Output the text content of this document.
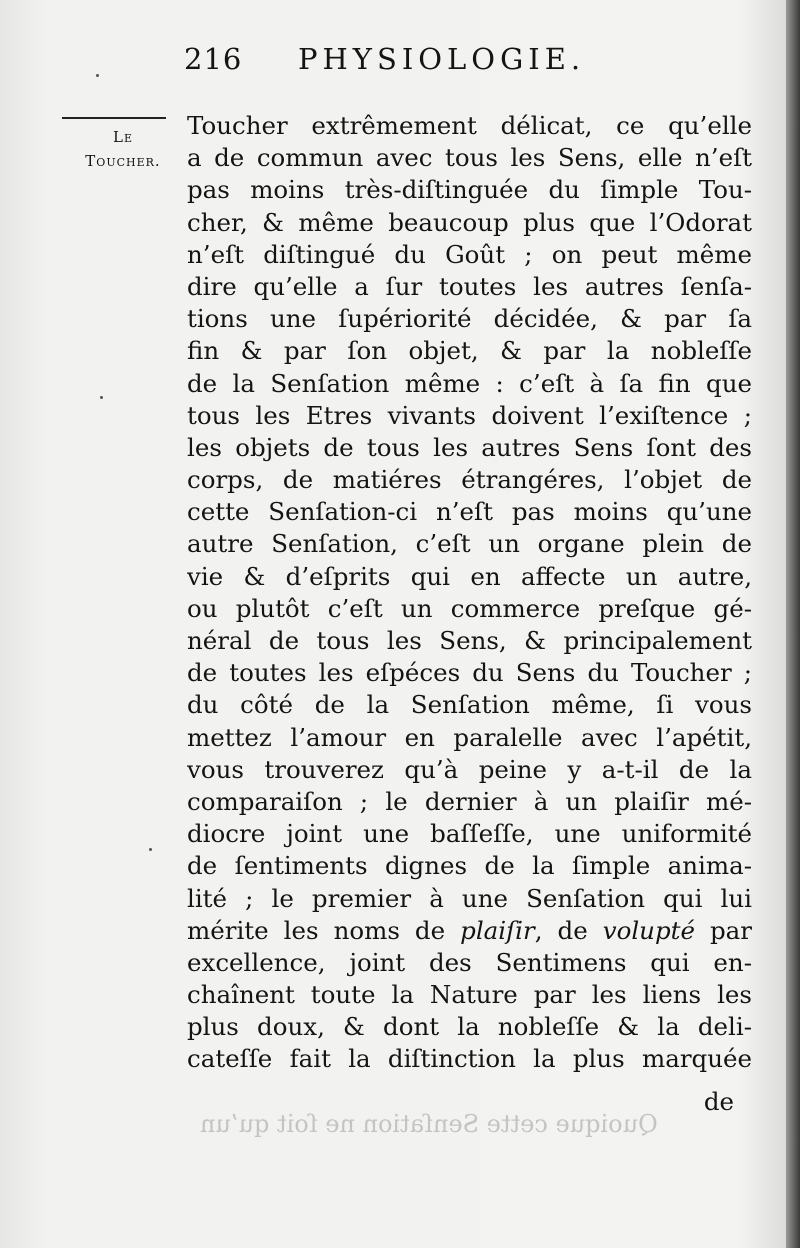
216 PHYSIOLOGIE.
Le
Toucher.
Toucher extrêmement délicat, ce qu’elle
a de commun avec tous les Sens, elle n’eſt
pas moins très-diſtinguée du ſimple Tou-
cher, & même beaucoup plus que l’Odorat
n’eſt diſtingué du Goût ; on peut même
dire qu’elle a ſur toutes les autres ſenſa-
tions une ſupériorité décidée, & par ſa
fin & par ſon objet, & par la nobleſſe
de la Senſation même : c’eſt à ſa fin que
tous les Etres vivants doivent l’exiſtence ;
les objets de tous les autres Sens ſont des
corps, de matiéres étrangéres, l’objet de
cette Senſation-ci n’eſt pas moins qu’une
autre Senſation, c’eſt un organe plein de
vie & d’eſprits qui en affecte un autre,
ou plutôt c’eſt un commerce preſque gé-
néral de tous les Sens, & principalement
de toutes les eſpéces du Sens du Toucher ;
du côté de la Senſation même, ſi vous
mettez l’amour en paralelle avec l’apétit,
vous trouverez qu’à peine y a-t-il de la
comparaiſon ; le dernier à un plaiſir mé-
diocre joint une baſſeſſe, une uniformité
de ſentiments dignes de la ſimple anima-
lité ; le premier à une Senſation qui lui
mérite les noms de plaiſir, de volupté par
excellence, joint des Sentimens qui en-
chaînent toute la Nature par les liens les
plus doux, & dont la nobleſſe & la deli-
cateſſe fait la diſtinction la plus marquée
de
Quoique cette Senſation ne ſoit qu’un
